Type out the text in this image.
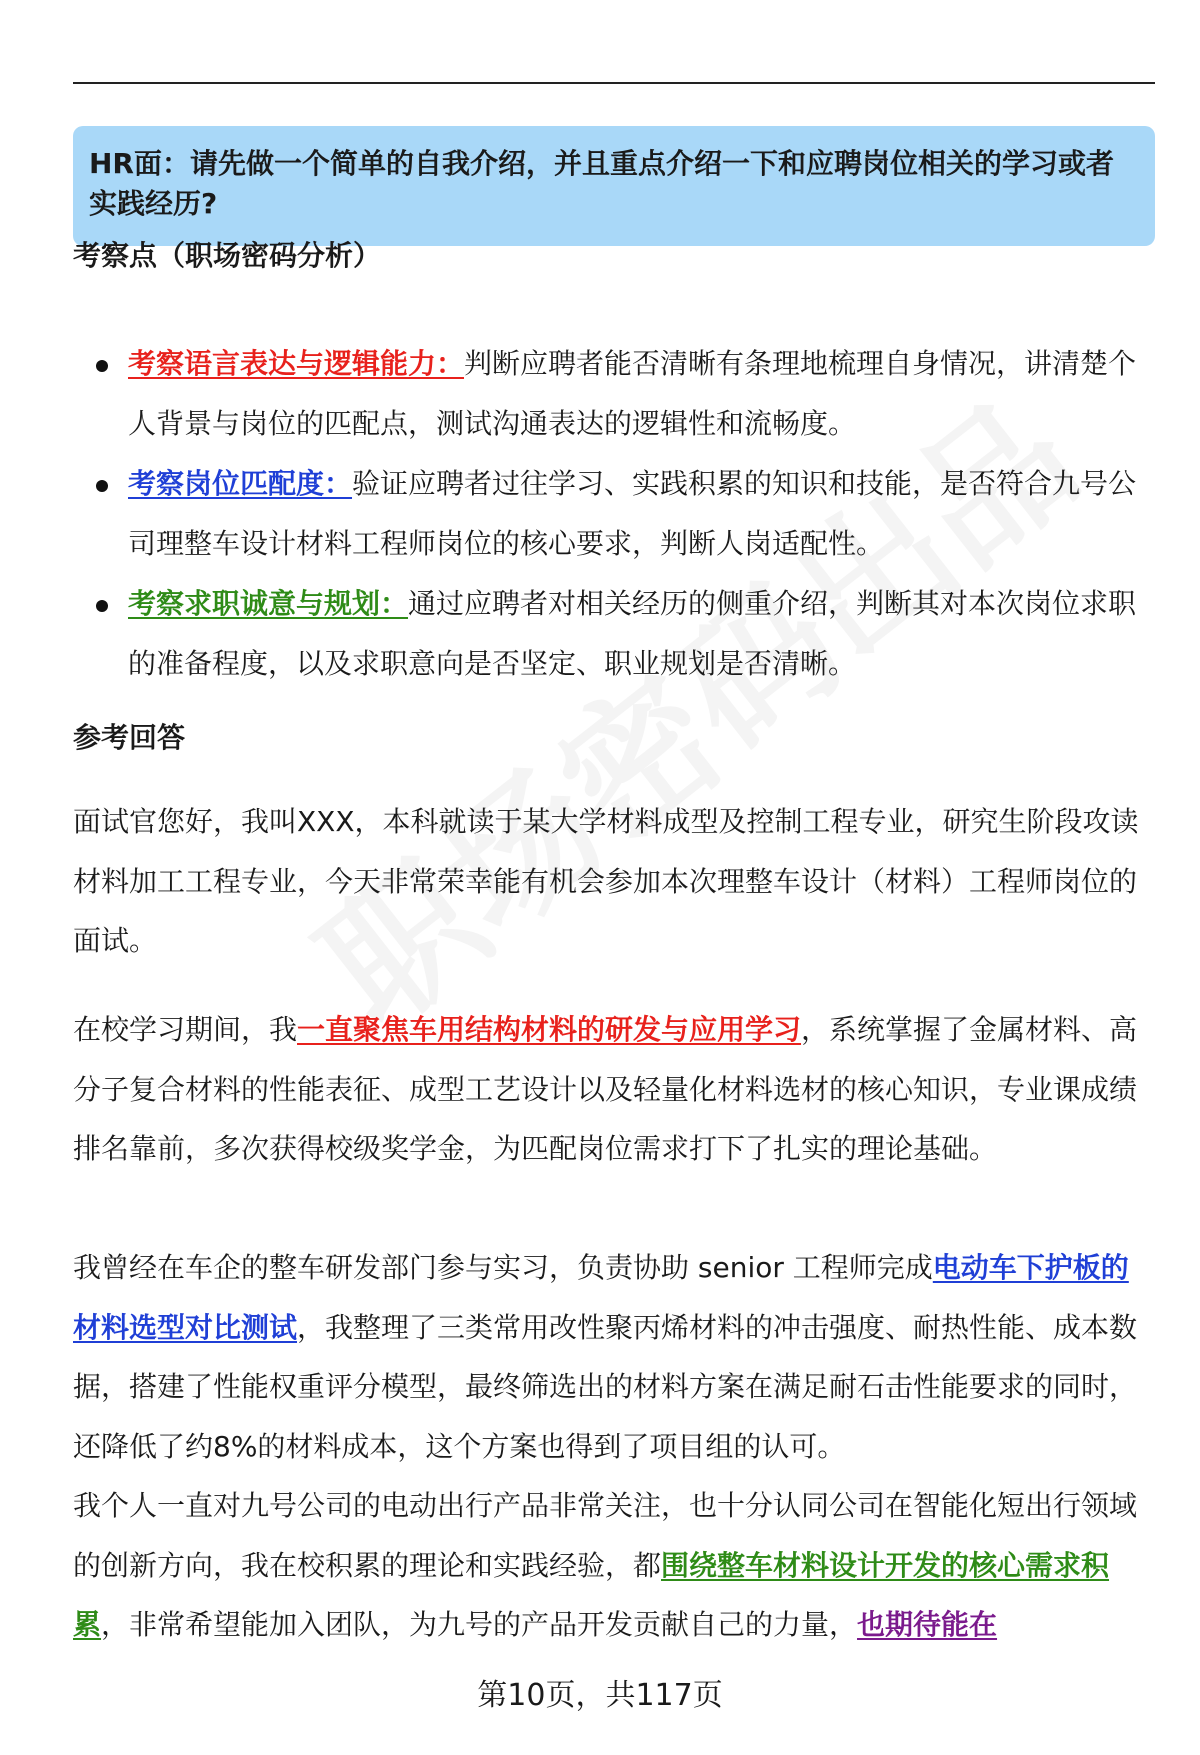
HR面：请先做一个简单的自我介绍，并且重点介绍一下和应聘岗位相关的学习或者实践经历?
考察点（职场密码分析）
考察语言表达与逻辑能力：判断应聘者能否清晰有条理地梳理自身情况，讲清楚个人背景与岗位的匹配点，测试沟通表达的逻辑性和流畅度。
考察岗位匹配度：验证应聘者过往学习、实践积累的知识和技能，是否符合九号公司理整车设计材料工程师岗位的核心要求，判断人岗适配性。
考察求职诚意与规划：通过应聘者对相关经历的侧重介绍，判断其对本次岗位求职的准备程度，以及求职意向是否坚定、职业规划是否清晰。
参考回答

面试官您好，我叫XXX，本科就读于某大学材料成型及控制工程专业，研究生阶段攻读材料加工工程专业，今天非常荣幸能有机会参加本次理整车设计（材料）工程师岗位的面试。

在校学习期间，我一直聚焦车用结构材料的研发与应用学习，系统掌握了金属材料、高分子复合材料的性能表征、成型工艺设计以及轻量化材料选材的核心知识，专业课成绩排名靠前，多次获得校级奖学金，为匹配岗位需求打下了扎实的理论基础。

我曾经在车企的整车研发部门参与实习，负责协助 senior 工程师完成电动车下护板的材料选型对比测试，我整理了三类常用改性聚丙烯材料的冲击强度、耐热性能、成本数据，搭建了性能权重评分模型，最终筛选出的材料方案在满足耐石击性能要求的同时，还降低了约8%的材料成本，这个方案也得到了项目组的认可。

我个人一直对九号公司的电动出行产品非常关注，也十分认同公司在智能化短出行领域的创新方向，我在校积累的理论和实践经验，都围绕整车材料设计开发的核心需求积累，非常希望能加入团队，为九号的产品开发贡献自己的力量，也期待能在

第10页，共117页
